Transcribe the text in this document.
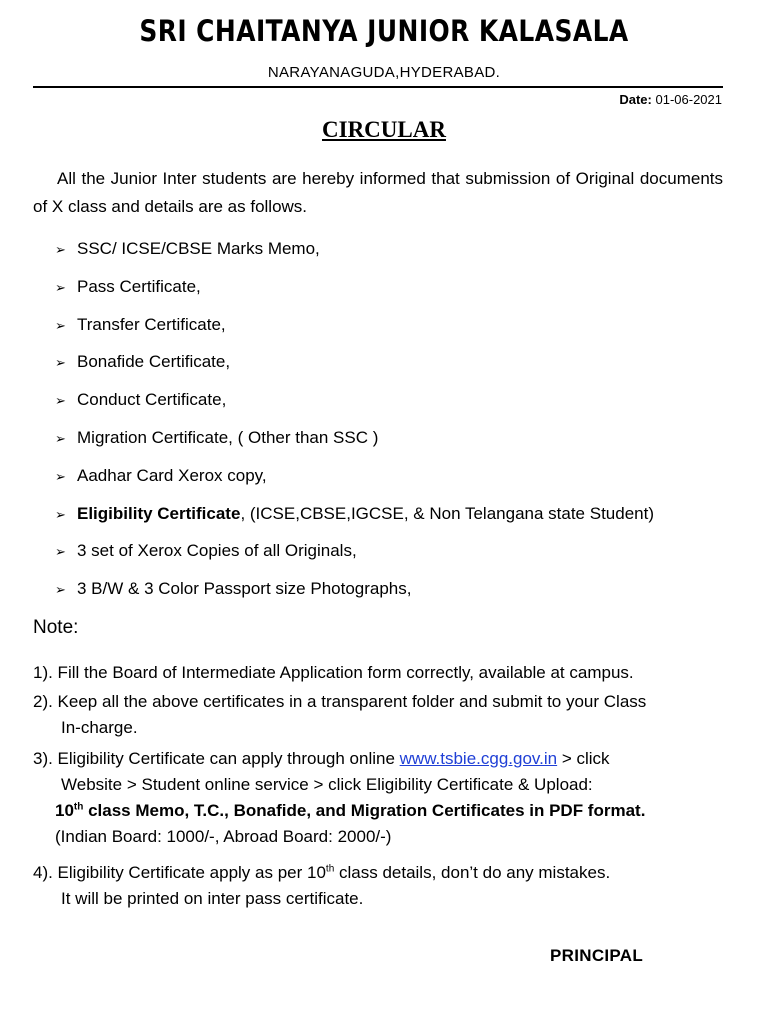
SRI CHAITANYA JUNIOR KALASALA
NARAYANAGUDA,HYDERABAD.
Date: 01-06-2021
CIRCULAR

All the Junior Inter students are hereby informed that submission of Original documents of X class and details are as follows.

➢ SSC/ ICSE/CBSE Marks Memo,
➢ Pass Certificate,
➢ Transfer Certificate,
➢ Bonafide Certificate,
➢ Conduct Certificate,
➢ Migration Certificate, ( Other than SSC )
➢ Aadhar Card Xerox copy,
➢ Eligibility Certificate, (ICSE,CBSE,IGCSE, & Non Telangana state Student)
➢ 3 set of Xerox Copies of all Originals,
➢ 3 B/W & 3 Color Passport size Photographs,
Note:
1). Fill the Board of Intermediate Application form correctly, available at campus.
2). Keep all the above certificates in a transparent folder and submit to your Class
In-charge.
3). Eligibility Certificate can apply through online www.tsbie.cgg.gov.in > click
Website > Student online service > click Eligibility Certificate & Upload:
10th class Memo, T.C., Bonafide, and Migration Certificates in PDF format.
(Indian Board: 1000/-, Abroad Board: 2000/-)
4). Eligibility Certificate apply as per 10th class details, don’t do any mistakes.
It will be printed on inter pass certificate.
PRINCIPAL
